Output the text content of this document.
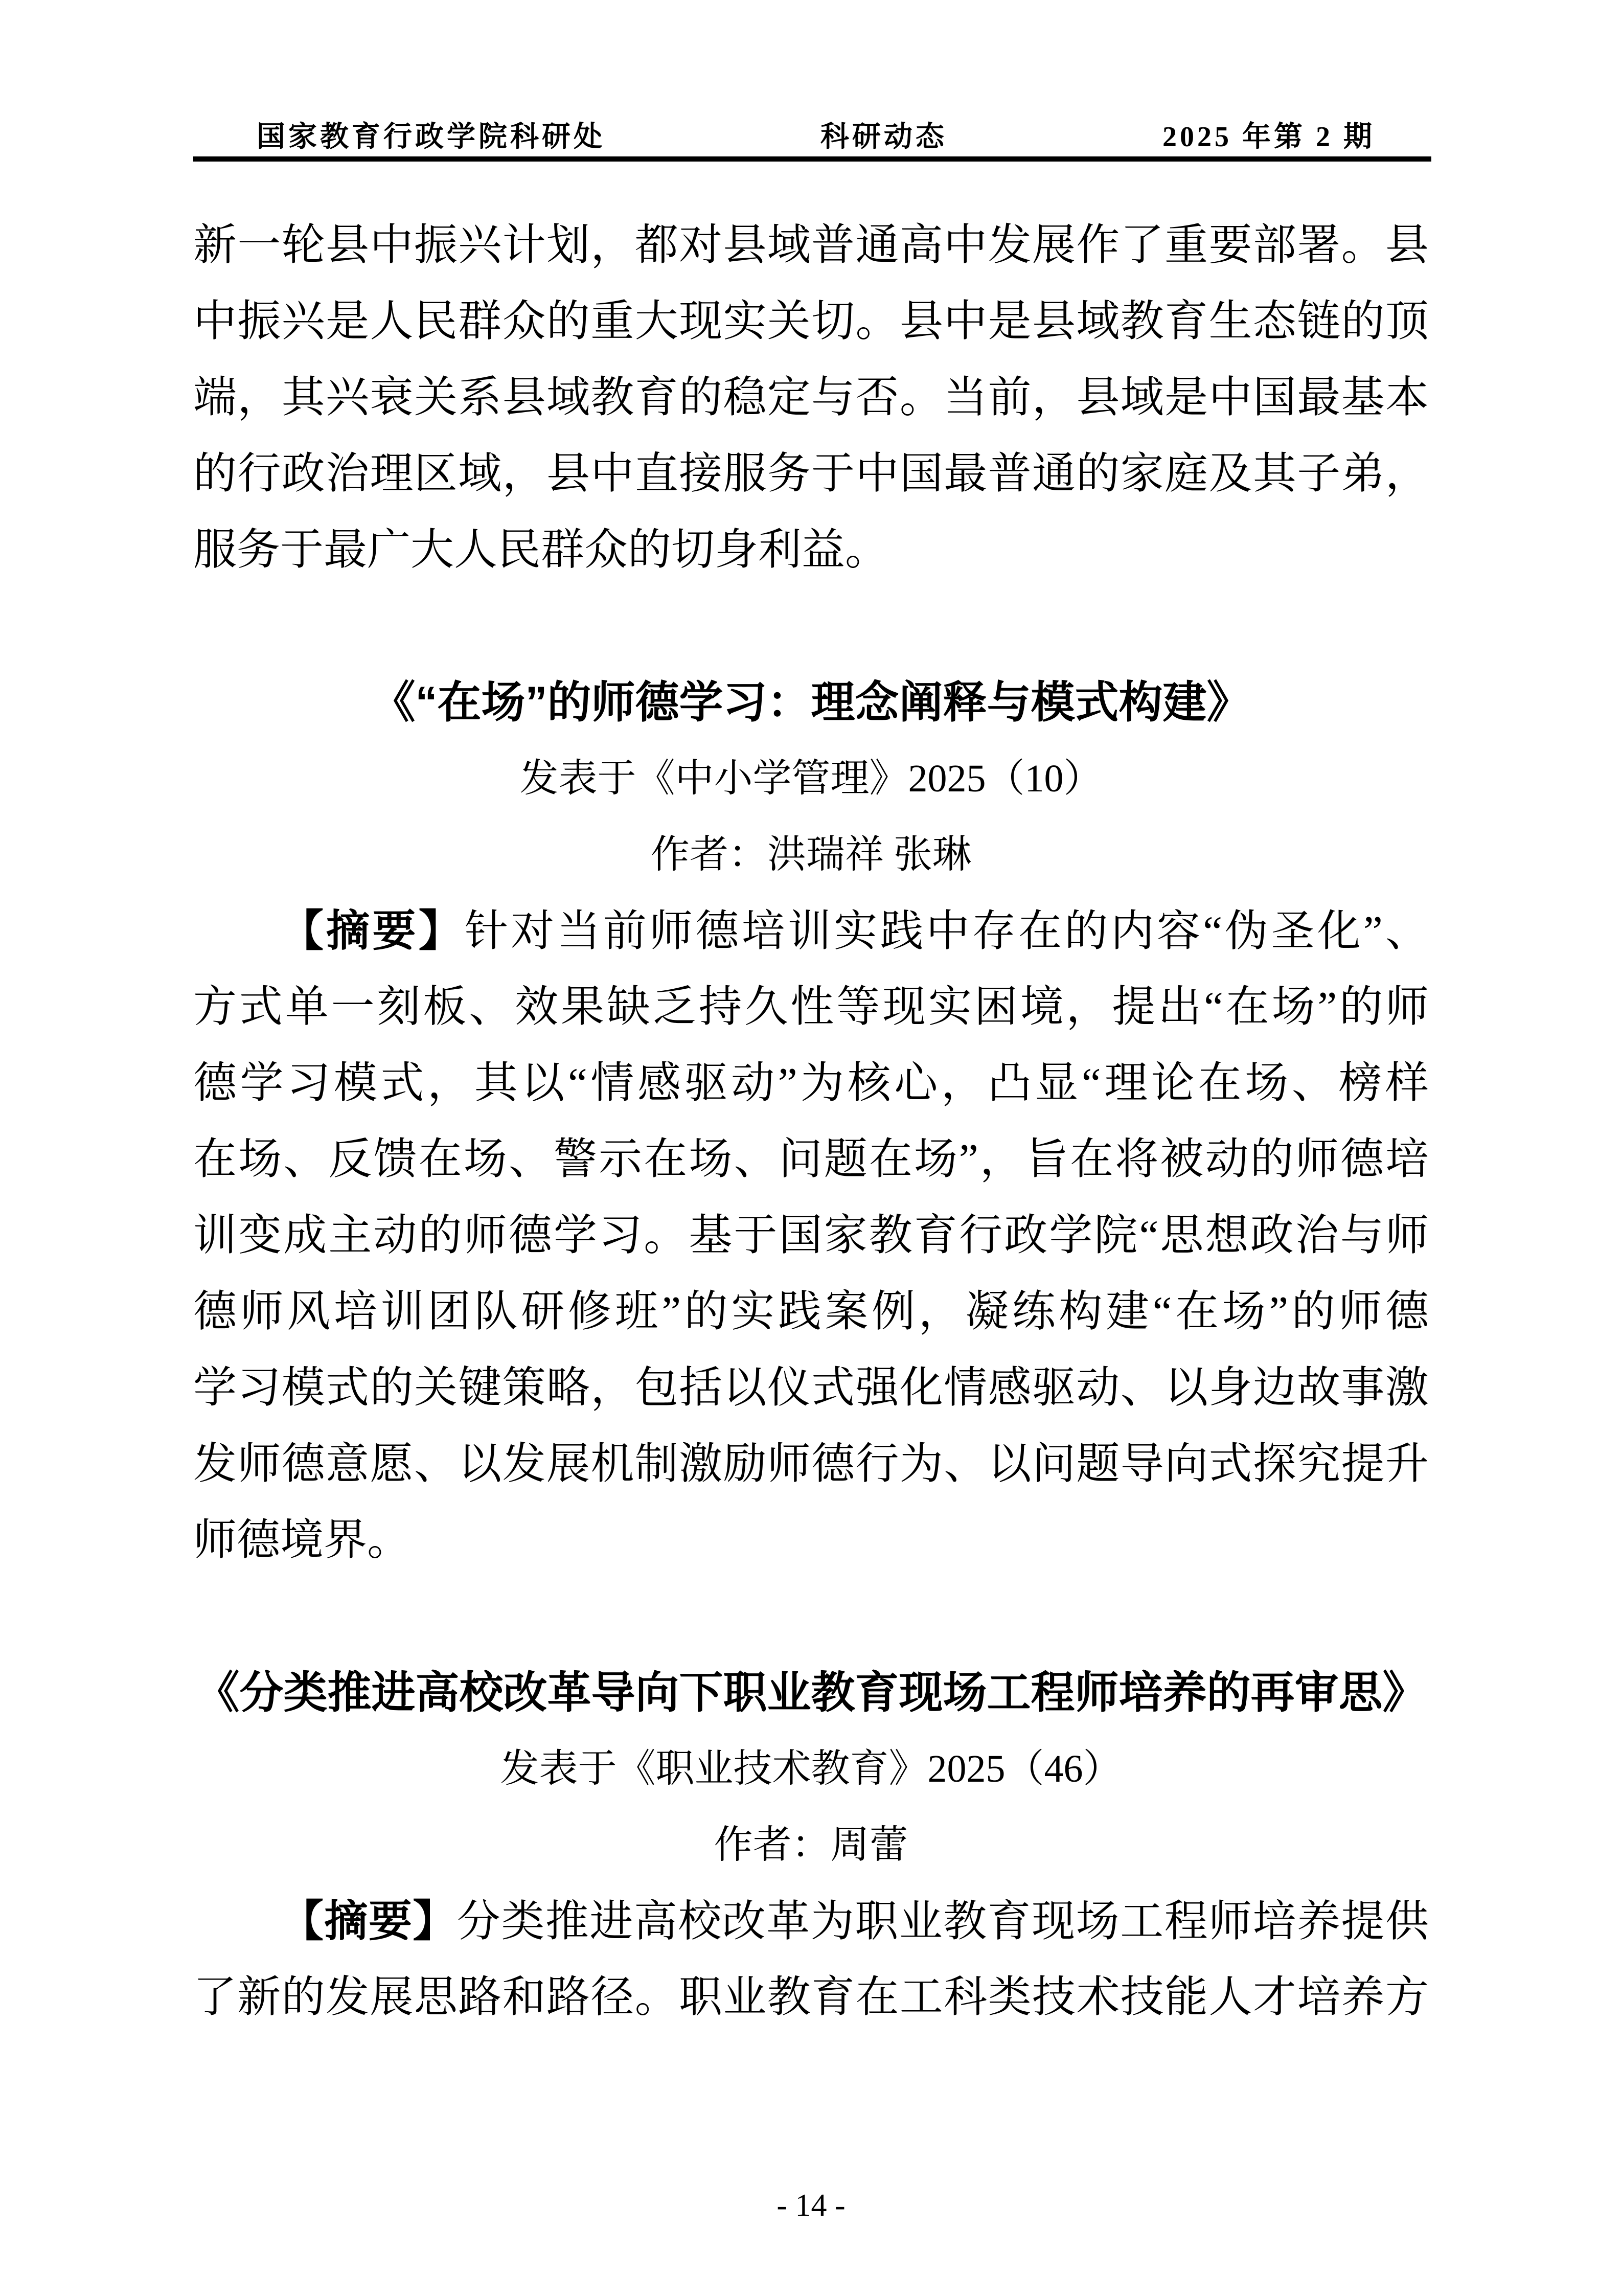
国家教育行政学院科研处	科研动态	2025 年第 2 期
新一轮县中振兴计划，都对县域普通高中发展作了重要部署。县
中振兴是人民群众的重大现实关切。县中是县域教育生态链的顶
端，其兴衰关系县域教育的稳定与否。当前，县域是中国最基本
的行政治理区域，县中直接服务于中国最普通的家庭及其子弟，
服务于最广大人民群众的切身利益。
《“在场”的师德学习：理念阐释与模式构建》
发表于《中小学管理》2025（10）
作者：洪瑞祥 张琳
【摘要】针对当前师德培训实践中存在的内容“伪圣化”、
方式单一刻板、效果缺乏持久性等现实困境，提出“在场”的师
德学习模式，其以“情感驱动”为核心，凸显“理论在场、榜样
在场、反馈在场、警示在场、问题在场”，旨在将被动的师德培
训变成主动的师德学习。基于国家教育行政学院“思想政治与师
德师风培训团队研修班”的实践案例，凝练构建“在场”的师德
学习模式的关键策略，包括以仪式强化情感驱动、以身边故事激
发师德意愿、以发展机制激励师德行为、以问题导向式探究提升
师德境界。
《分类推进高校改革导向下职业教育现场工程师培养的再审思》
发表于《职业技术教育》2025（46）
作者：周蕾
【摘要】分类推进高校改革为职业教育现场工程师培养提供
了新的发展思路和路径。职业教育在工科类技术技能人才培养方
- 14 -
